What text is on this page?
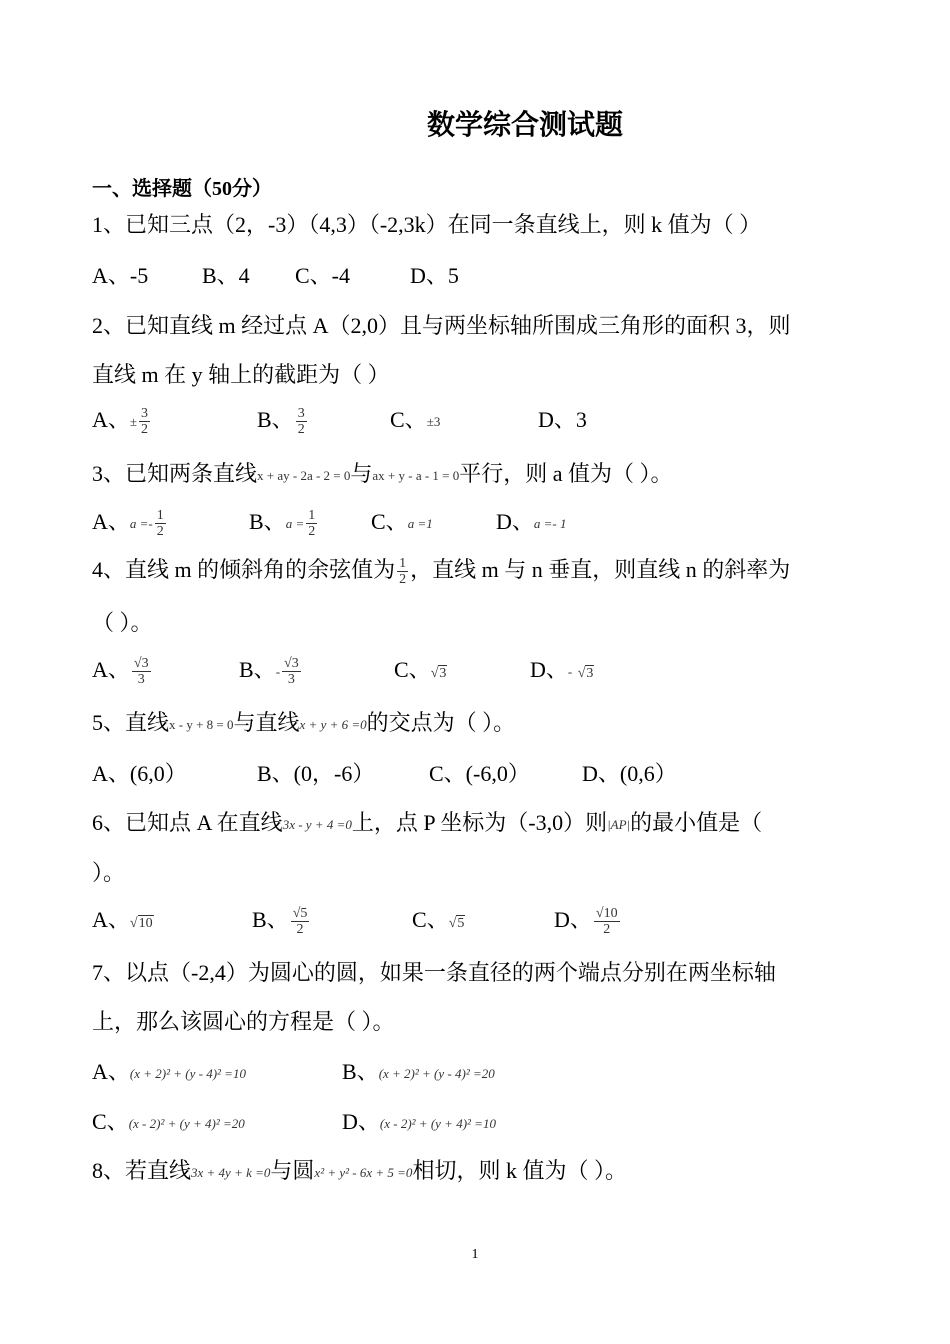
数学综合测试题
一、选择题（50分）
1、已知三点（2，-3）（4,3）（-2,3k）在同一条直线上，则 k 值为（ ）
A、-5 B、4 C、-4	D、5
2、已知直线 m 经过点 A（2,0）且与两坐标轴所围成三角形的面积 3，则
直线 m 在 y 轴上的截距为（ ）
A、± $\frac{3}{2}$	B、 $\frac{3}{2}$	C、±3	D、3
3、已知两条直线x + ay - 2a - 2 = 0与ax + y - a - 1 = 0平行，则 a 值为（ ）。
A、$a =- \frac{1}{2}$	B、$a = \frac{1}{2}$ C、a =1	D、a =- 1
4、直线 m 的倾斜角的余弦值为 $\frac{1}{2}$ ，直线 m 与 n 垂直，则直线 n 的斜率为
（ ）。
A、 $\frac{√3}{3}$	B、- $\frac{√3}{3}$	C、√3	D、- √3
5、直线x - y + 8 = 0与直线x + y + 6 =0的交点为（ ）。
A、(6,0）	B、(0，-6） C、(-6,0） D、(0,6）
6、已知点 A 在直线3x - y + 4 =0上，点 P 坐标为（-3,0）则|AP|的最小值是（
）。
A、√10	B、 $\frac{√5}{2}$	C、√5	D、 $\frac{√10}{2}$
7、以点（-2,4）为圆心的圆，如果一条直径的两个端点分别在两坐标轴
上，那么该圆心的方程是（ ）。
A、(x + 2)² + (y - 4)² =10	B、(x + 2)² + (y - 4)² =20
C、(x - 2)² + (y + 4)² =20	D、(x - 2)² + (y + 4)² =10
8、若直线3x + 4y + k =0与圆x² + y² - 6x + 5 =0相切，则 k 值为（ ）。
1
